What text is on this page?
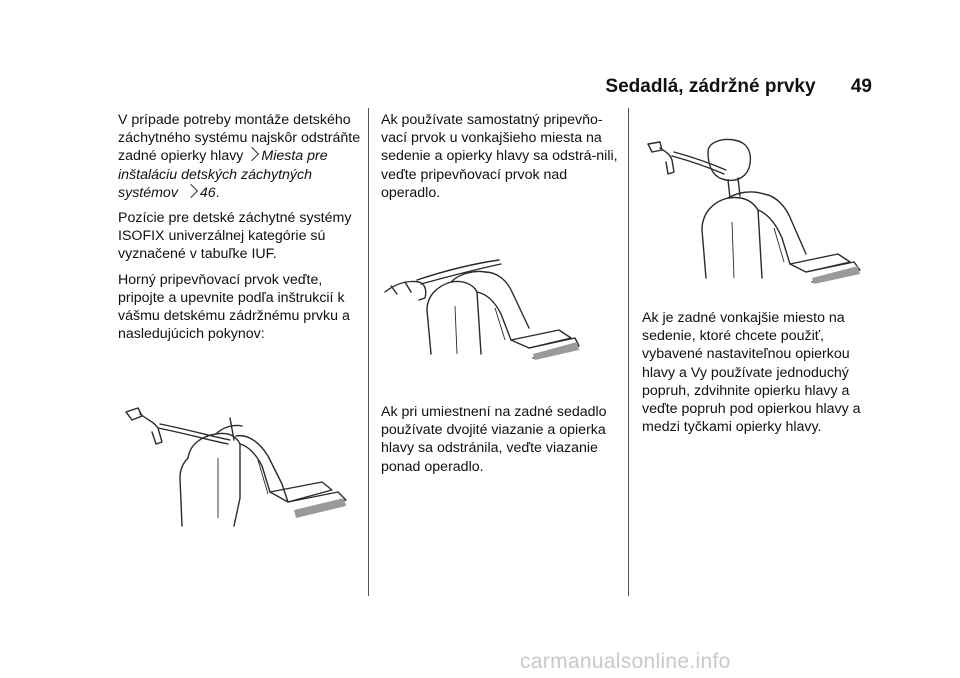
Sedadlá, zádržné prvky 49

V prípade potreby montáže detského záchytného systému najskôr odstráňte zadné opierky hlavy Miesta pre inštaláciu detských záchytných systémov 46.

Pozície pre detské záchytné systémy ISOFIX univerzálnej kategórie sú vyznačené v tabuľke IUF.

Horný pripevňovací prvok veďte, pripojte a upevnite podľa inštrukcií k vášmu detskému zádržnému prvku a nasledujúcich pokynov:

Ak používate samostatný pripevňo-vací prvok u vonkajšieho miesta na sedenie a opierky hlavy sa odstrá-nili, veďte pripevňovací prvok nad operadlo.

Ak pri umiestnení na zadné sedadlo používate dvojité viazanie a opierka hlavy sa odstránila, veďte viazanie ponad operadlo.

Ak je zadné vonkajšie miesto na sedenie, ktoré chcete použiť, vybavené nastaviteľnou opierkou hlavy a Vy používate jednoduchý popruh, zdvihnite opierku hlavy a veďte popruh pod opierkou hlavy a medzi tyčkami opierky hlavy.

carmanualsonline.info
